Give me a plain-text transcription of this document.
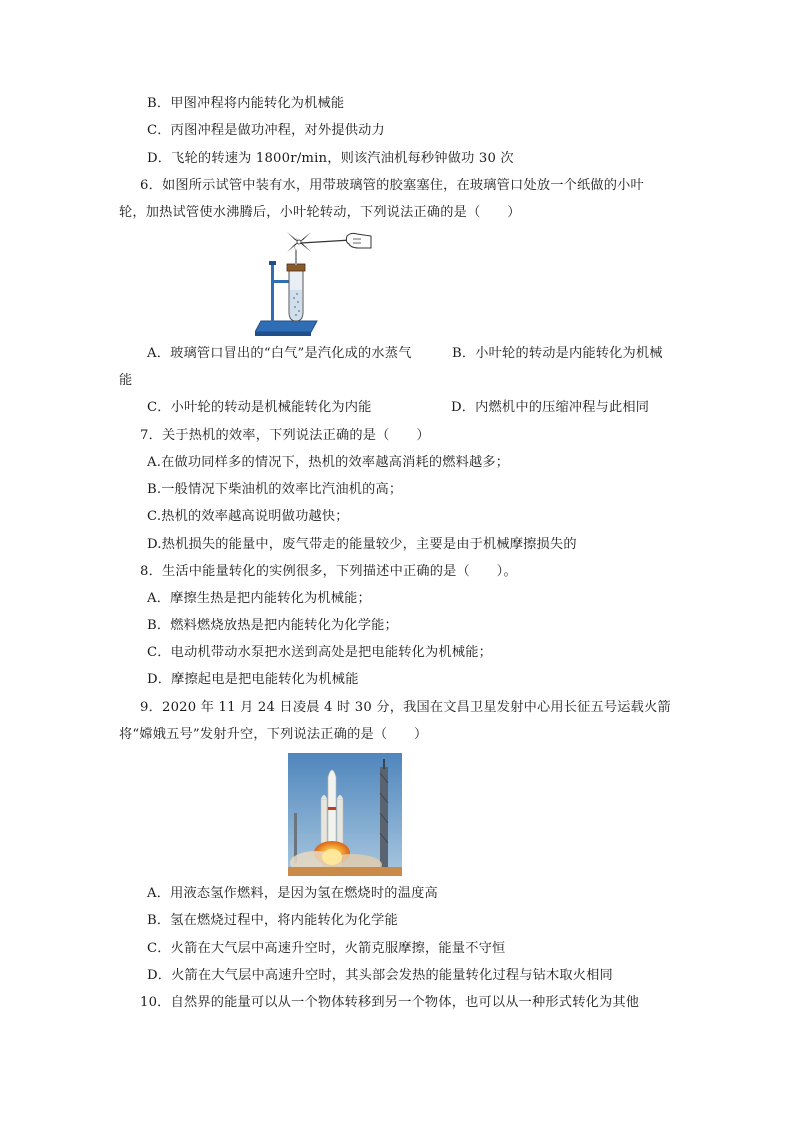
B．甲图冲程将内能转化为机械能
C．丙图冲程是做功冲程，对外提供动力
D．飞轮的转速为 1800r/min，则该汽油机每秒钟做功 30 次
6．如图所示试管中装有水，用带玻璃管的胶塞塞住，在玻璃管口处放一个纸做的小叶
轮，加热试管使水沸腾后，小叶轮转动，下列说法正确的是（　　）
A．玻璃管口冒出的“白气”是汽化成的水蒸气	B．小叶轮的转动是内能转化为机械
能
C．小叶轮的转动是机械能转化为内能	D．内燃机中的压缩冲程与此相同
7．关于热机的效率，下列说法正确的是（　　）
A.在做功同样多的情况下，热机的效率越高消耗的燃料越多；
B.一般情况下柴油机的效率比汽油机的高；
C.热机的效率越高说明做功越快；
D.热机损失的能量中，废气带走的能量较少，主要是由于机械摩擦损失的
8．生活中能量转化的实例很多，下列描述中正确的是（　　）。
A．摩擦生热是把内能转化为机械能；
B．燃料燃烧放热是把内能转化为化学能；
C．电动机带动水泵把水送到高处是把电能转化为机械能；
D．摩擦起电是把电能转化为机械能
9．2020 年 11 月 24 日凌晨 4 时 30 分，我国在文昌卫星发射中心用长征五号运载火箭
将“嫦娥五号”发射升空，下列说法正确的是（　　）
A．用液态氢作燃料，是因为氢在燃烧时的温度高
B．氢在燃烧过程中，将内能转化为化学能
C．火箭在大气层中高速升空时，火箭克服摩擦，能量不守恒
D．火箭在大气层中高速升空时，其头部会发热的能量转化过程与钻木取火相同
10．自然界的能量可以从一个物体转移到另一个物体，也可以从一种形式转化为其他
